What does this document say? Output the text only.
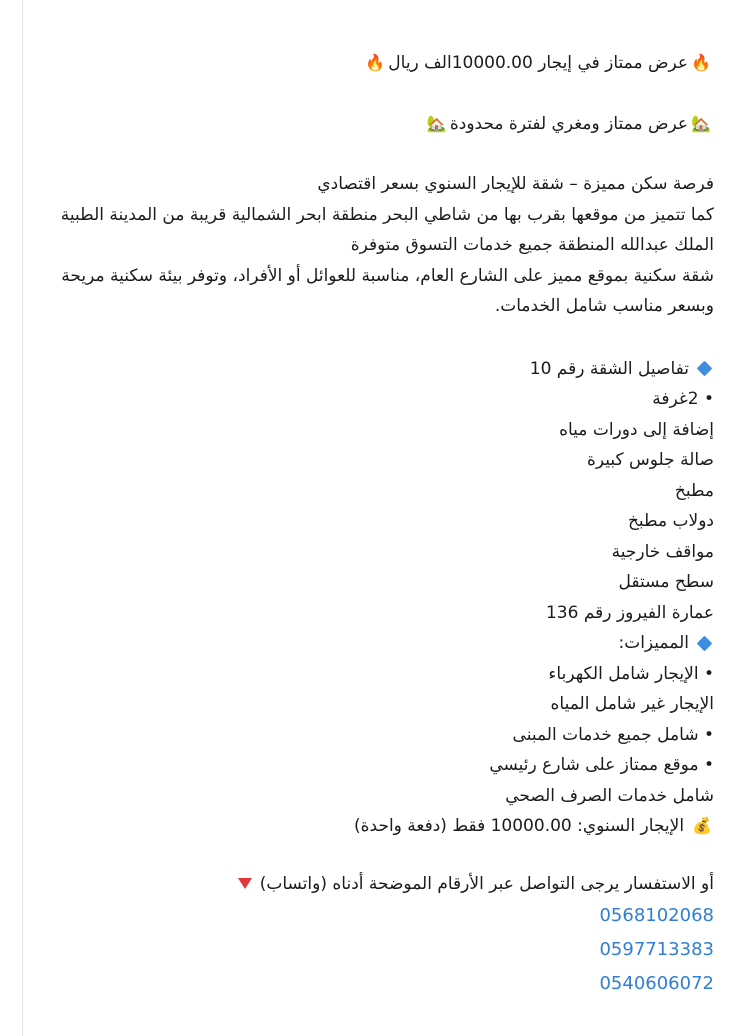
🔥عرض ممتاز في إيجار 10000.00الف ريال🔥
🏡عرض ممتاز ومغري لفترة محدودة🏡
فرصة سكن مميزة – شقة للإيجار السنوي بسعر اقتصادي
كما تتميز من موقعها بقرب بها من شاطي البحر منطقة ابحر الشمالية قريبة من المدينة الطبية
الملك عبدالله المنطقة جميع خدمات التسوق متوفرة
شقة سكنية بموقع مميز على الشارع العام، مناسبة للعوائل أو الأفراد، وتوفر بيئة سكنية مريحة
وبسعر مناسب شامل الخدمات.
تفاصيل الشقة رقم 10
• 2غرفة
إضافة إلى دورات مياه
صالة جلوس كبيرة
مطبخ
دولاب مطبخ
مواقف خارجية
سطح مستقل
عمارة الفيروز رقم 136
المميزات:
• الإيجار شامل الكهرباء
الإيجار غير شامل المياه
• شامل جميع خدمات المبنى
• موقع ممتاز على شارع رئيسي
شامل خدمات الصرف الصحي
💰الإيجار السنوي: 10000.00 فقط (دفعة واحدة)
أو الاستفسار يرجى التواصل عبر الأرقام الموضحة أدناه (واتساب)
0568102068
0597713383
0540606072
